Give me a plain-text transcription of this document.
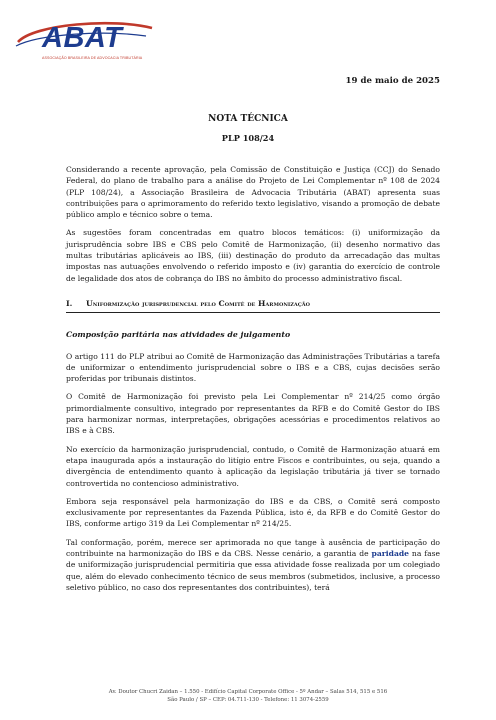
ABAT
ASSOCIAÇÃO BRASILEIRA DE ADVOCACIA TRIBUTÁRIA
19 de maio de 2025
NOTA TÉCNICA
PLP 108/24

Considerando a recente aprovação, pela Comissão de Constituição e Justiça (CCJ) do Senado Federal, do plano de trabalho para a análise do Projeto de Lei Complementar nº 108 de 2024 (PLP 108/24), a Associação Brasileira de Advocacia Tributária (ABAT) apresenta suas contribuições para o aprimoramento do referido texto legislativo, visando a promoção de debate público amplo e técnico sobre o tema.

As sugestões foram concentradas em quatro blocos temáticos: (i) uniformização da jurisprudência sobre IBS e CBS pelo Comitê de Harmonização, (ii) desenho normativo das multas tributárias aplicáveis ao IBS, (iii) destinação do produto da arrecadação das multas impostas nas autuações envolvendo o referido imposto e (iv) garantia do exercício de controle de legalidade dos atos de cobrança do IBS no âmbito do processo administrativo fiscal.

I. Uniformização jurisprudencial pelo Comitê de Harmonização
Composição paritária nas atividades de julgamento

O artigo 111 do PLP atribui ao Comitê de Harmonização das Administrações Tributárias a tarefa de uniformizar o entendimento jurisprudencial sobre o IBS e a CBS, cujas decisões serão proferidas por tribunais distintos.

O Comitê de Harmonização foi previsto pela Lei Complementar nº 214/25 como órgão primordialmente consultivo, integrado por representantes da RFB e do Comitê Gestor do IBS para harmonizar normas, interpretações, obrigações acessórias e procedimentos relativos ao IBS e à CBS.

No exercício da harmonização jurisprudencial, contudo, o Comitê de Harmonização atuará em etapa inaugurada após a instauração do litígio entre Fiscos e contribuintes, ou seja, quando a divergência de entendimento quanto à aplicação da legislação tributária já tiver se tornado controvertida no contencioso administrativo.

Embora seja responsável pela harmonização do IBS e da CBS, o Comitê será composto exclusivamente por representantes da Fazenda Pública, isto é, da RFB e do Comitê Gestor do IBS, conforme artigo 319 da Lei Complementar nº 214/25.

Tal conformação, porém, merece ser aprimorada no que tange à ausência de participação do contribuinte na harmonização do IBS e da CBS. Nesse cenário, a garantia de paridade na fase de uniformização jurisprudencial permitiria que essa atividade fosse realizada por um colegiado que, além do elevado conhecimento técnico de seus membros (submetidos, inclusive, a processo seletivo público, no caso dos representantes dos contribuintes), terá

Av. Doutor Chucri Zaidan – 1.550 - Edifício Capital Corporate Office - 5º Andar – Salas 514, 515 e 516
São Paulo / SP – CEP: 04.711-130 - Telefone: 11 3074-2559
